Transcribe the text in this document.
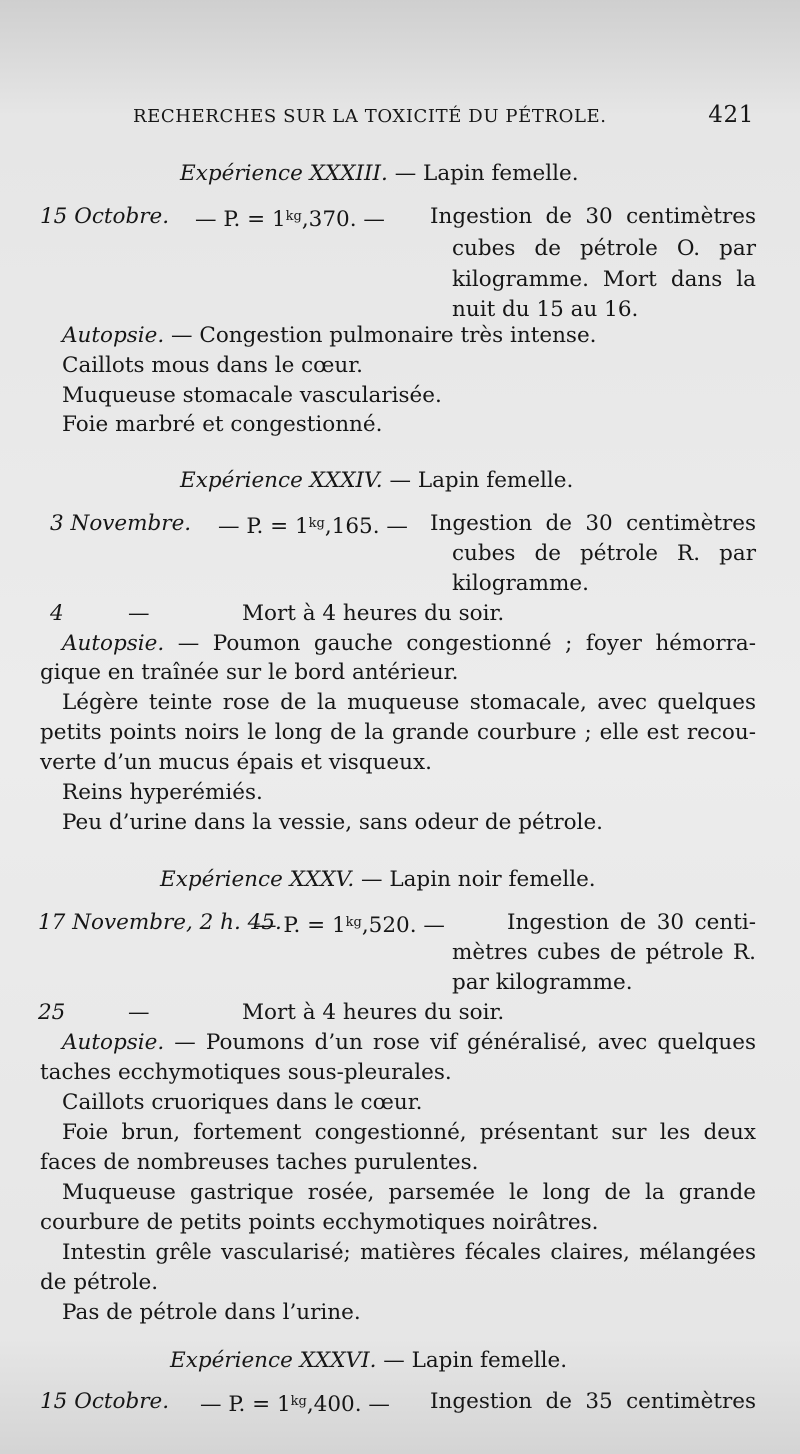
RECHERCHES SUR LA TOXICITÉ DU PÉTROLE.	421
Expérience XXXIII. — Lapin femelle.
15 Octobre. — P. = $1^{kg},370$. — Ingestion de 30 centimètres
cubes de pétrole O. par
kilogramme. Mort dans la
nuit du 15 au 16.
Autopsie. — Congestion pulmonaire très intense.
Caillots mous dans le cœur.
Muqueuse stomacale vascularisée.
Foie marbré et congestionné.
Expérience XXXIV. — Lapin femelle.
3 Novembre. — P. = $1^{kg},165$. — Ingestion de 30 centimètres
cubes de pétrole R. par
kilogramme.
4	—	Mort à 4 heures du soir.
Autopsie. — Poumon gauche congestionné ; foyer hémorra-
gique en traînée sur le bord antérieur.
Légère teinte rose de la muqueuse stomacale, avec quelques
petits points noirs le long de la grande courbure ; elle est recou-
verte d’un mucus épais et visqueux.
Reins hyperémiés.
Peu d’urine dans la vessie, sans odeur de pétrole.
Expérience XXXV. — Lapin noir femelle.
17 Novembre, 2 h. 45.
— P. = $1^{kg},520$. —	Ingestion de 30 centi-
mètres cubes de pétrole R.
par kilogramme.
25	—	Mort à 4 heures du soir.
Autopsie. — Poumons d’un rose vif généralisé, avec quelques
taches ecchymotiques sous-pleurales.
Caillots cruoriques dans le cœur.
Foie brun, fortement congestionné, présentant sur les deux
faces de nombreuses taches purulentes.
Muqueuse gastrique rosée, parsemée le long de la grande
courbure de petits points ecchymotiques noirâtres.
Intestin grêle vascularisé; matières fécales claires, mélangées
de pétrole.
Pas de pétrole dans l’urine.
Expérience XXXVI. — Lapin femelle.
15 Octobre. — P. = $1^{kg},400$. — Ingestion de 35 centimètres
